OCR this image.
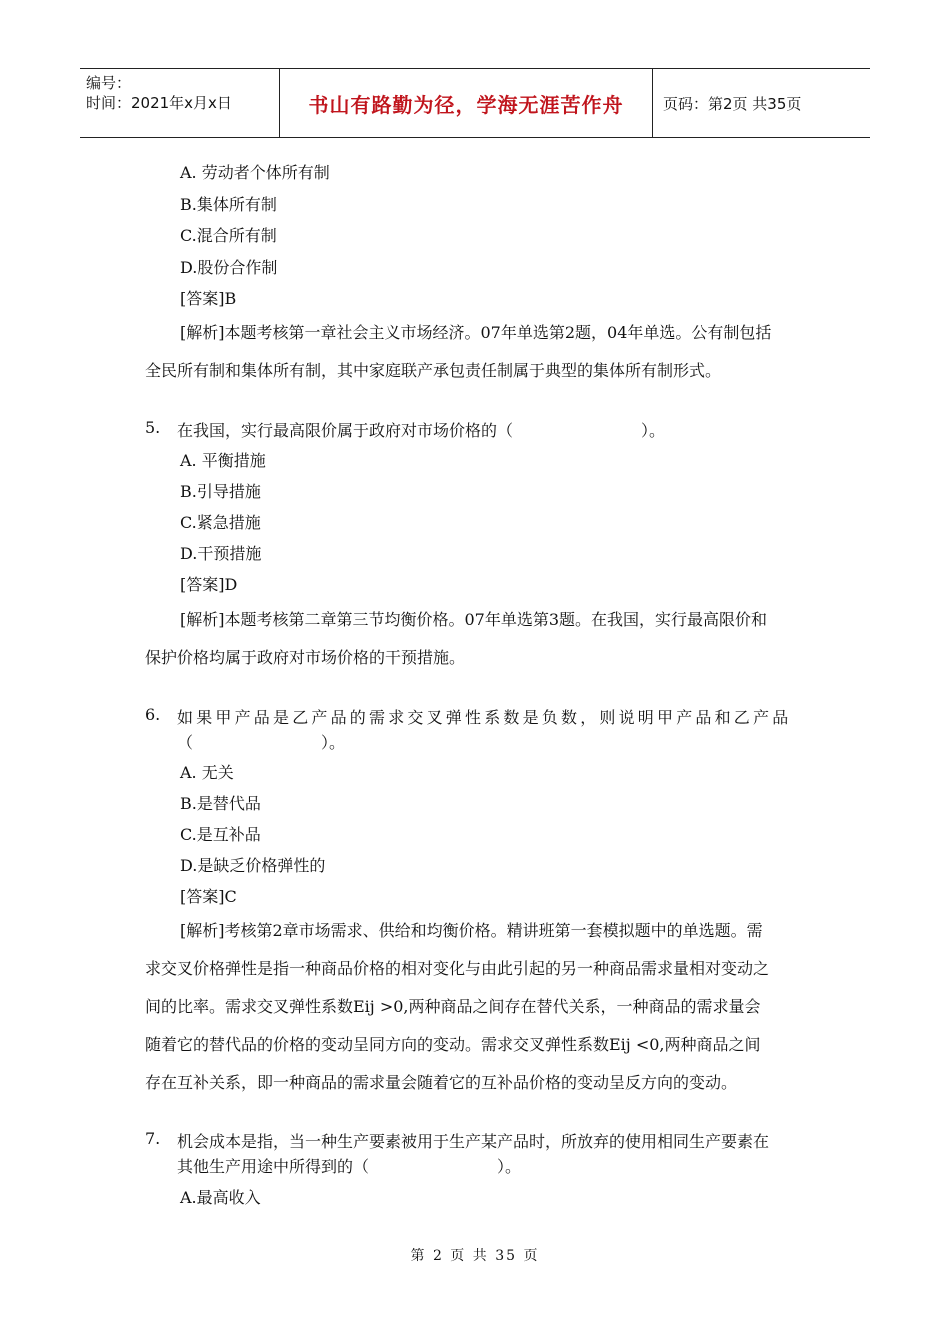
编号：
时间：2021年x月x日	书山有路勤为径，学海无涯苦作舟	页码：第2页 共35页
A. 劳动者个体所有制
B.集体所有制
C.混合所有制
D.股份合作制
[答案]B
[解析]本题考核第一章社会主义市场经济。07年单选第2题，04年单选。公有制包括
全民所有制和集体所有制，其中家庭联产承包责任制属于典型的集体所有制形式。
5. 在我国，实行最高限价属于政府对市场价格的（　　　　　　　　）。
A. 平衡措施
B.引导措施
C.紧急措施
D.干预措施
[答案]D
[解析]本题考核第二章第三节均衡价格。07年单选第3题。在我国，实行最高限价和
保护价格均属于政府对市场价格的干预措施。
6. 如果甲产品是乙产品的需求交叉弹性系数是负数，则说明甲产品和乙产品
（　　　　　　　　）。
A. 无关
B.是替代品
C.是互补品
D.是缺乏价格弹性的
[答案]C
[解析]考核第2章市场需求、供给和均衡价格。精讲班第一套模拟题中的单选题。需
求交叉价格弹性是指一种商品价格的相对变化与由此引起的另一种商品需求量相对变动之
间的比率。需求交叉弹性系数Eij >0,两种商品之间存在替代关系，一种商品的需求量会
随着它的替代品的价格的变动呈同方向的变动。需求交叉弹性系数Eij <0,两种商品之间
存在互补关系，即一种商品的需求量会随着它的互补品价格的变动呈反方向的变动。
7. 机会成本是指，当一种生产要素被用于生产某产品时，所放弃的使用相同生产要素在
其他生产用途中所得到的（　　　　　　　　）。
A.最高收入
第 2 页 共 35 页
